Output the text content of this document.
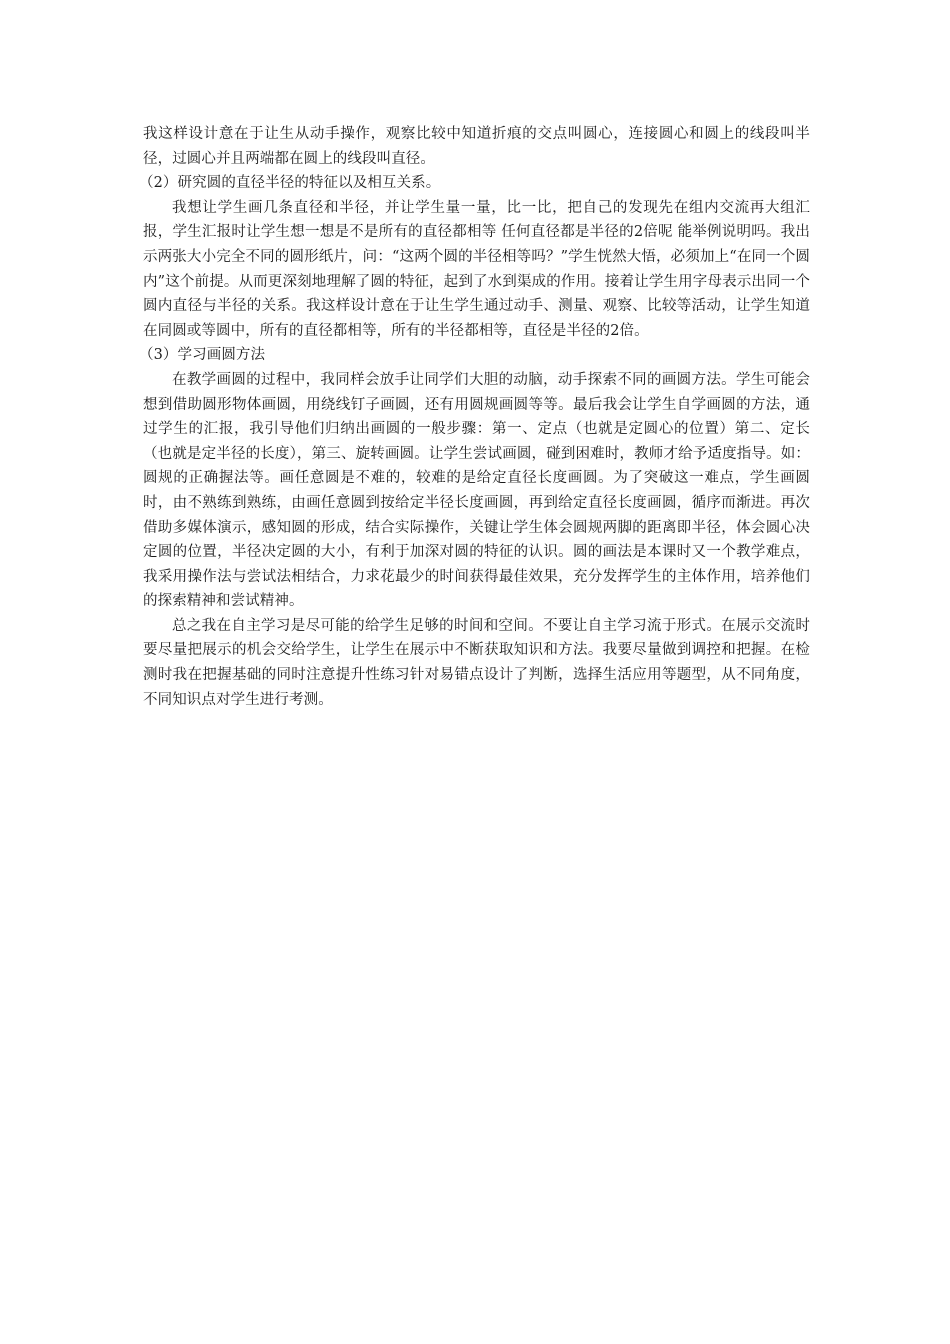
我这样设计意在于让生从动手操作，观察比较中知道折痕的交点叫圆心，连接圆心和圆上的线段叫半径，过圆心并且两端都在圆上的线段叫直径。

（2）研究圆的直径半径的特征以及相互关系。

我想让学生画几条直径和半径，并让学生量一量，比一比，把自己的发现先在组内交流再大组汇报，学生汇报时让学生想一想是不是所有的直径都相等 任何直径都是半径的2倍呢 能举例说明吗。我出示两张大小完全不同的圆形纸片，问：“这两个圆的半径相等吗？”学生恍然大悟，必须加上“在同一个圆内”这个前提。从而更深刻地理解了圆的特征，起到了水到渠成的作用。接着让学生用字母表示出同一个圆内直径与半径的关系。我这样设计意在于让生学生通过动手、测量、观察、比较等活动，让学生知道在同圆或等圆中，所有的直径都相等，所有的半径都相等，直径是半径的2倍。

（3）学习画圆方法

在教学画圆的过程中，我同样会放手让同学们大胆的动脑，动手探索不同的画圆方法。学生可能会想到借助圆形物体画圆，用绕线钉子画圆，还有用圆规画圆等等。最后我会让学生自学画圆的方法，通过学生的汇报，我引导他们归纳出画圆的一般步骤：第一、定点（也就是定圆心的位置）第二、定长（也就是定半径的长度），第三、旋转画圆。让学生尝试画圆，碰到困难时，教师才给予适度指导。如：圆规的正确握法等。画任意圆是不难的，较难的是给定直径长度画圆。为了突破这一难点，学生画圆时，由不熟练到熟练，由画任意圆到按给定半径长度画圆，再到给定直径长度画圆，循序而渐进。再次借助多媒体演示，感知圆的形成，结合实际操作，关键让学生体会圆规两脚的距离即半径，体会圆心决定圆的位置，半径决定圆的大小，有利于加深对圆的特征的认识。圆的画法是本课时又一个教学难点，我采用操作法与尝试法相结合，力求花最少的时间获得最佳效果，充分发挥学生的主体作用，培养他们的探索精神和尝试精神。

总之我在自主学习是尽可能的给学生足够的时间和空间。不要让自主学习流于形式。在展示交流时要尽量把展示的机会交给学生，让学生在展示中不断获取知识和方法。我要尽量做到调控和把握。在检测时我在把握基础的同时注意提升性练习针对易错点设计了判断，选择生活应用等题型，从不同角度，不同知识点对学生进行考测。
